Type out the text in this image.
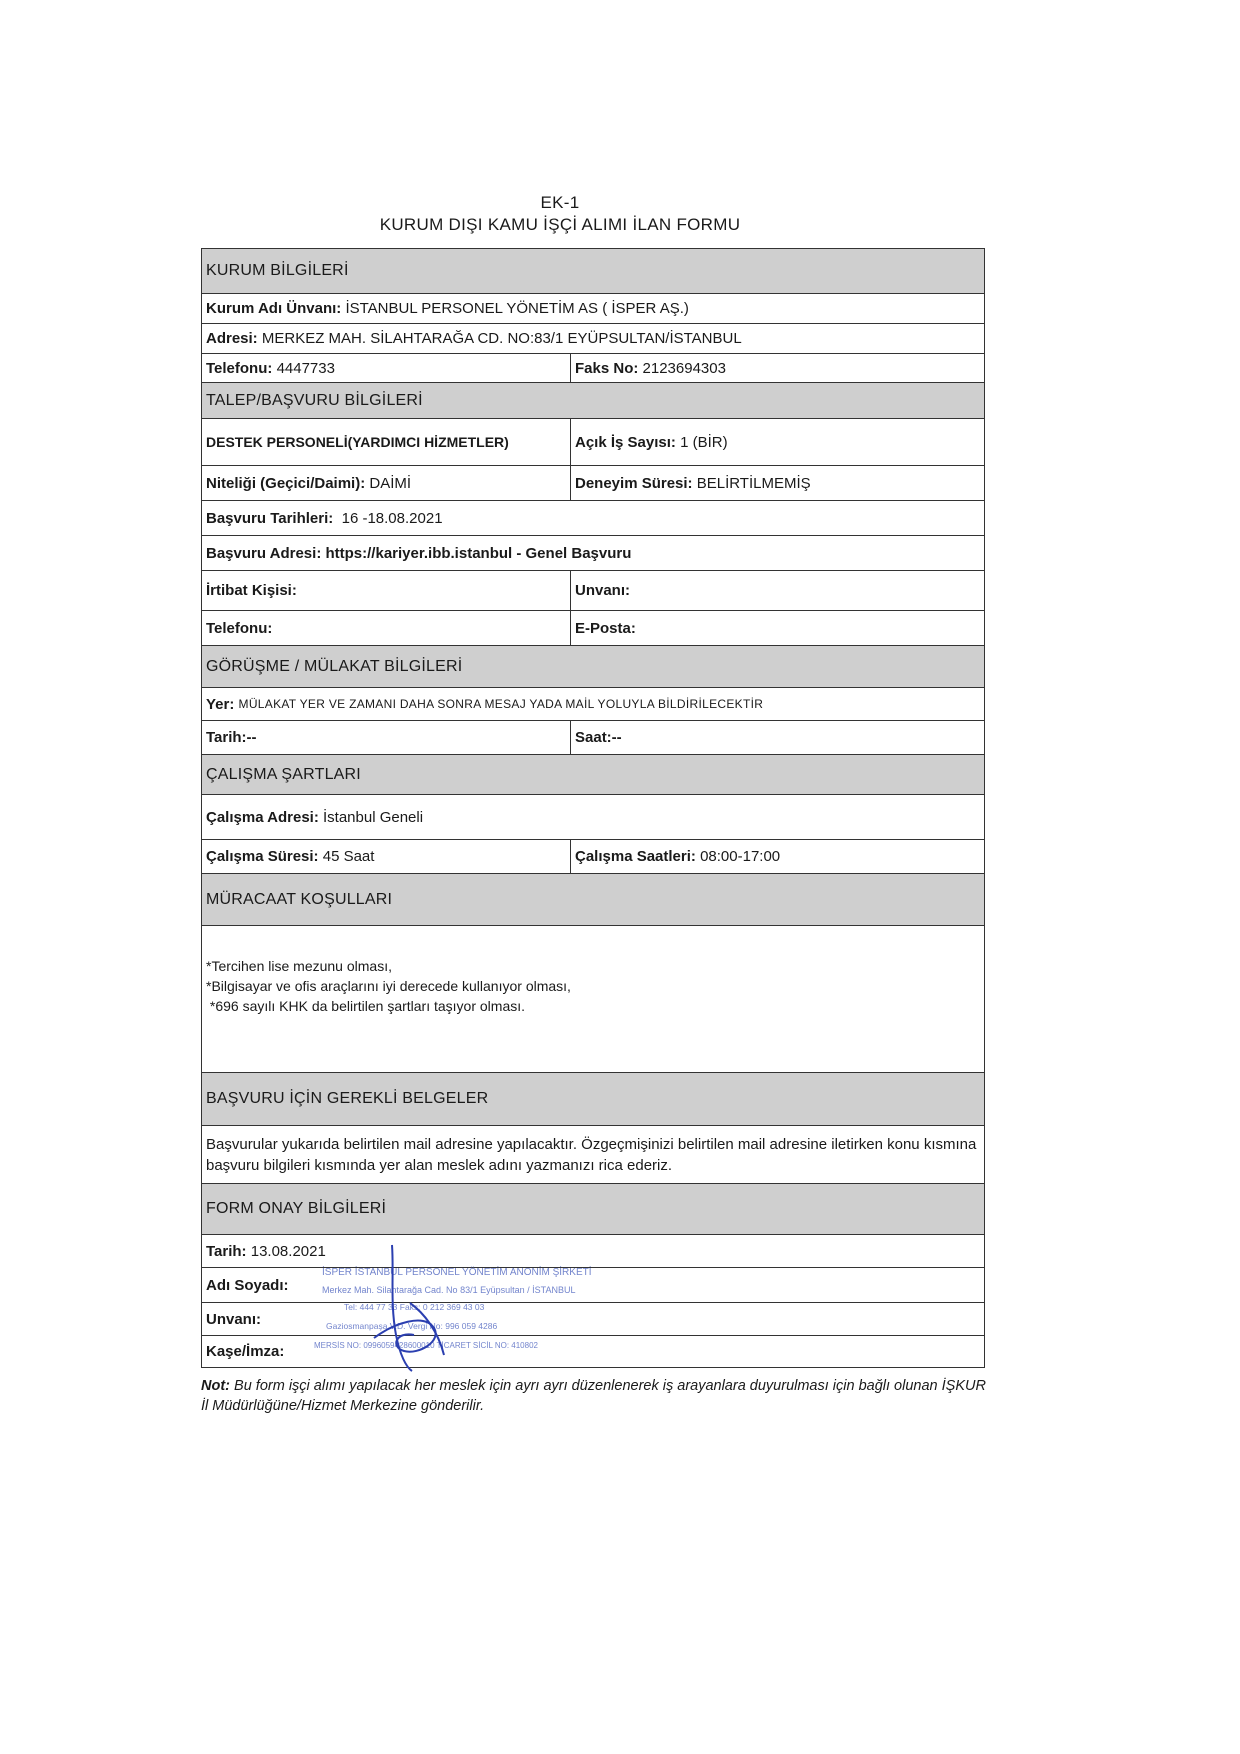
EK-1
KURUM DIŞI KAMU İŞÇİ ALIMI İLAN FORMU
KURUM BİLGİLERİ
Kurum Adı Ünvanı:
İSTANBUL PERSONEL YÖNETİM AS ( İSPER AŞ.)
Adresi:
MERKEZ MAH. SİLAHTARAĞA CD. NO:83/1 EYÜPSULTAN/İSTANBUL
Telefonu:
4447733	Faks No:
2123694303
TALEP/BAŞVURU BİLGİLERİ
DESTEK PERSONELİ(YARDIMCI HİZMETLER)	Açık İş Sayısı:
1 (BİR)
Niteliği (Geçici/Daimi):
DAİMİ	Deneyim Süresi:
BELİRTİLMEMİŞ
Başvuru Tarihleri:
16 -18.08.2021
Başvuru Adresi:
https://kariyer.ibb.istanbul - Genel Başvuru
İrtibat Kişisi:	Unvanı:
Telefonu:	E-Posta:
GÖRÜŞME / MÜLAKAT BİLGİLERİ
Yer:
MÜLAKAT YER VE ZAMANI DAHA SONRA MESAJ YADA MAİL YOLUYLA BİLDİRİLECEKTİR
Tarih:--	Saat:--
ÇALIŞMA ŞARTLARI
Çalışma Adresi:
İstanbul Geneli
Çalışma Süresi:
45 Saat	Çalışma Saatleri:
08:00-17:00
MÜRACAAT KOŞULLARI
*Tercihen lise mezunu olması,
*Bilgisayar ve ofis araçlarını iyi derecede kullanıyor olması,
*696 sayılı KHK da belirtilen şartları taşıyor olması.
BAŞVURU İÇİN GEREKLİ BELGELER
Başvurular yukarıda belirtilen mail adresine yapılacaktır. Özgeçmişinizi belirtilen mail adresine iletirken konu kısmına başvuru bilgileri kısmında yer alan meslek adını yazmanızı rica ederiz.
FORM ONAY BİLGİLERİ
Tarih:
13.08.2021
Adı Soyadı:
Unvanı:
Kaşe/İmza:
İSPER İSTANBUL PERSONEL YÖNETİM ANONİM ŞİRKETİ
Merkez Mah. Silahtarağa Cad. No 83/1 Eyüpsultan / İSTANBUL
Tel: 444 77 33 Faks: 0 212 369 43 03
Gaziosmanpaşa V.D. Vergi No: 996 059 4286
MERSİS NO: 0996059428600010 TİCARET SİCİL NO: 410802
Not: Bu form işçi alımı yapılacak her meslek için ayrı ayrı düzenlenerek iş arayanlara duyurulması için bağlı olunan İŞKUR İl Müdürlüğüne/Hizmet Merkezine gönderilir.
